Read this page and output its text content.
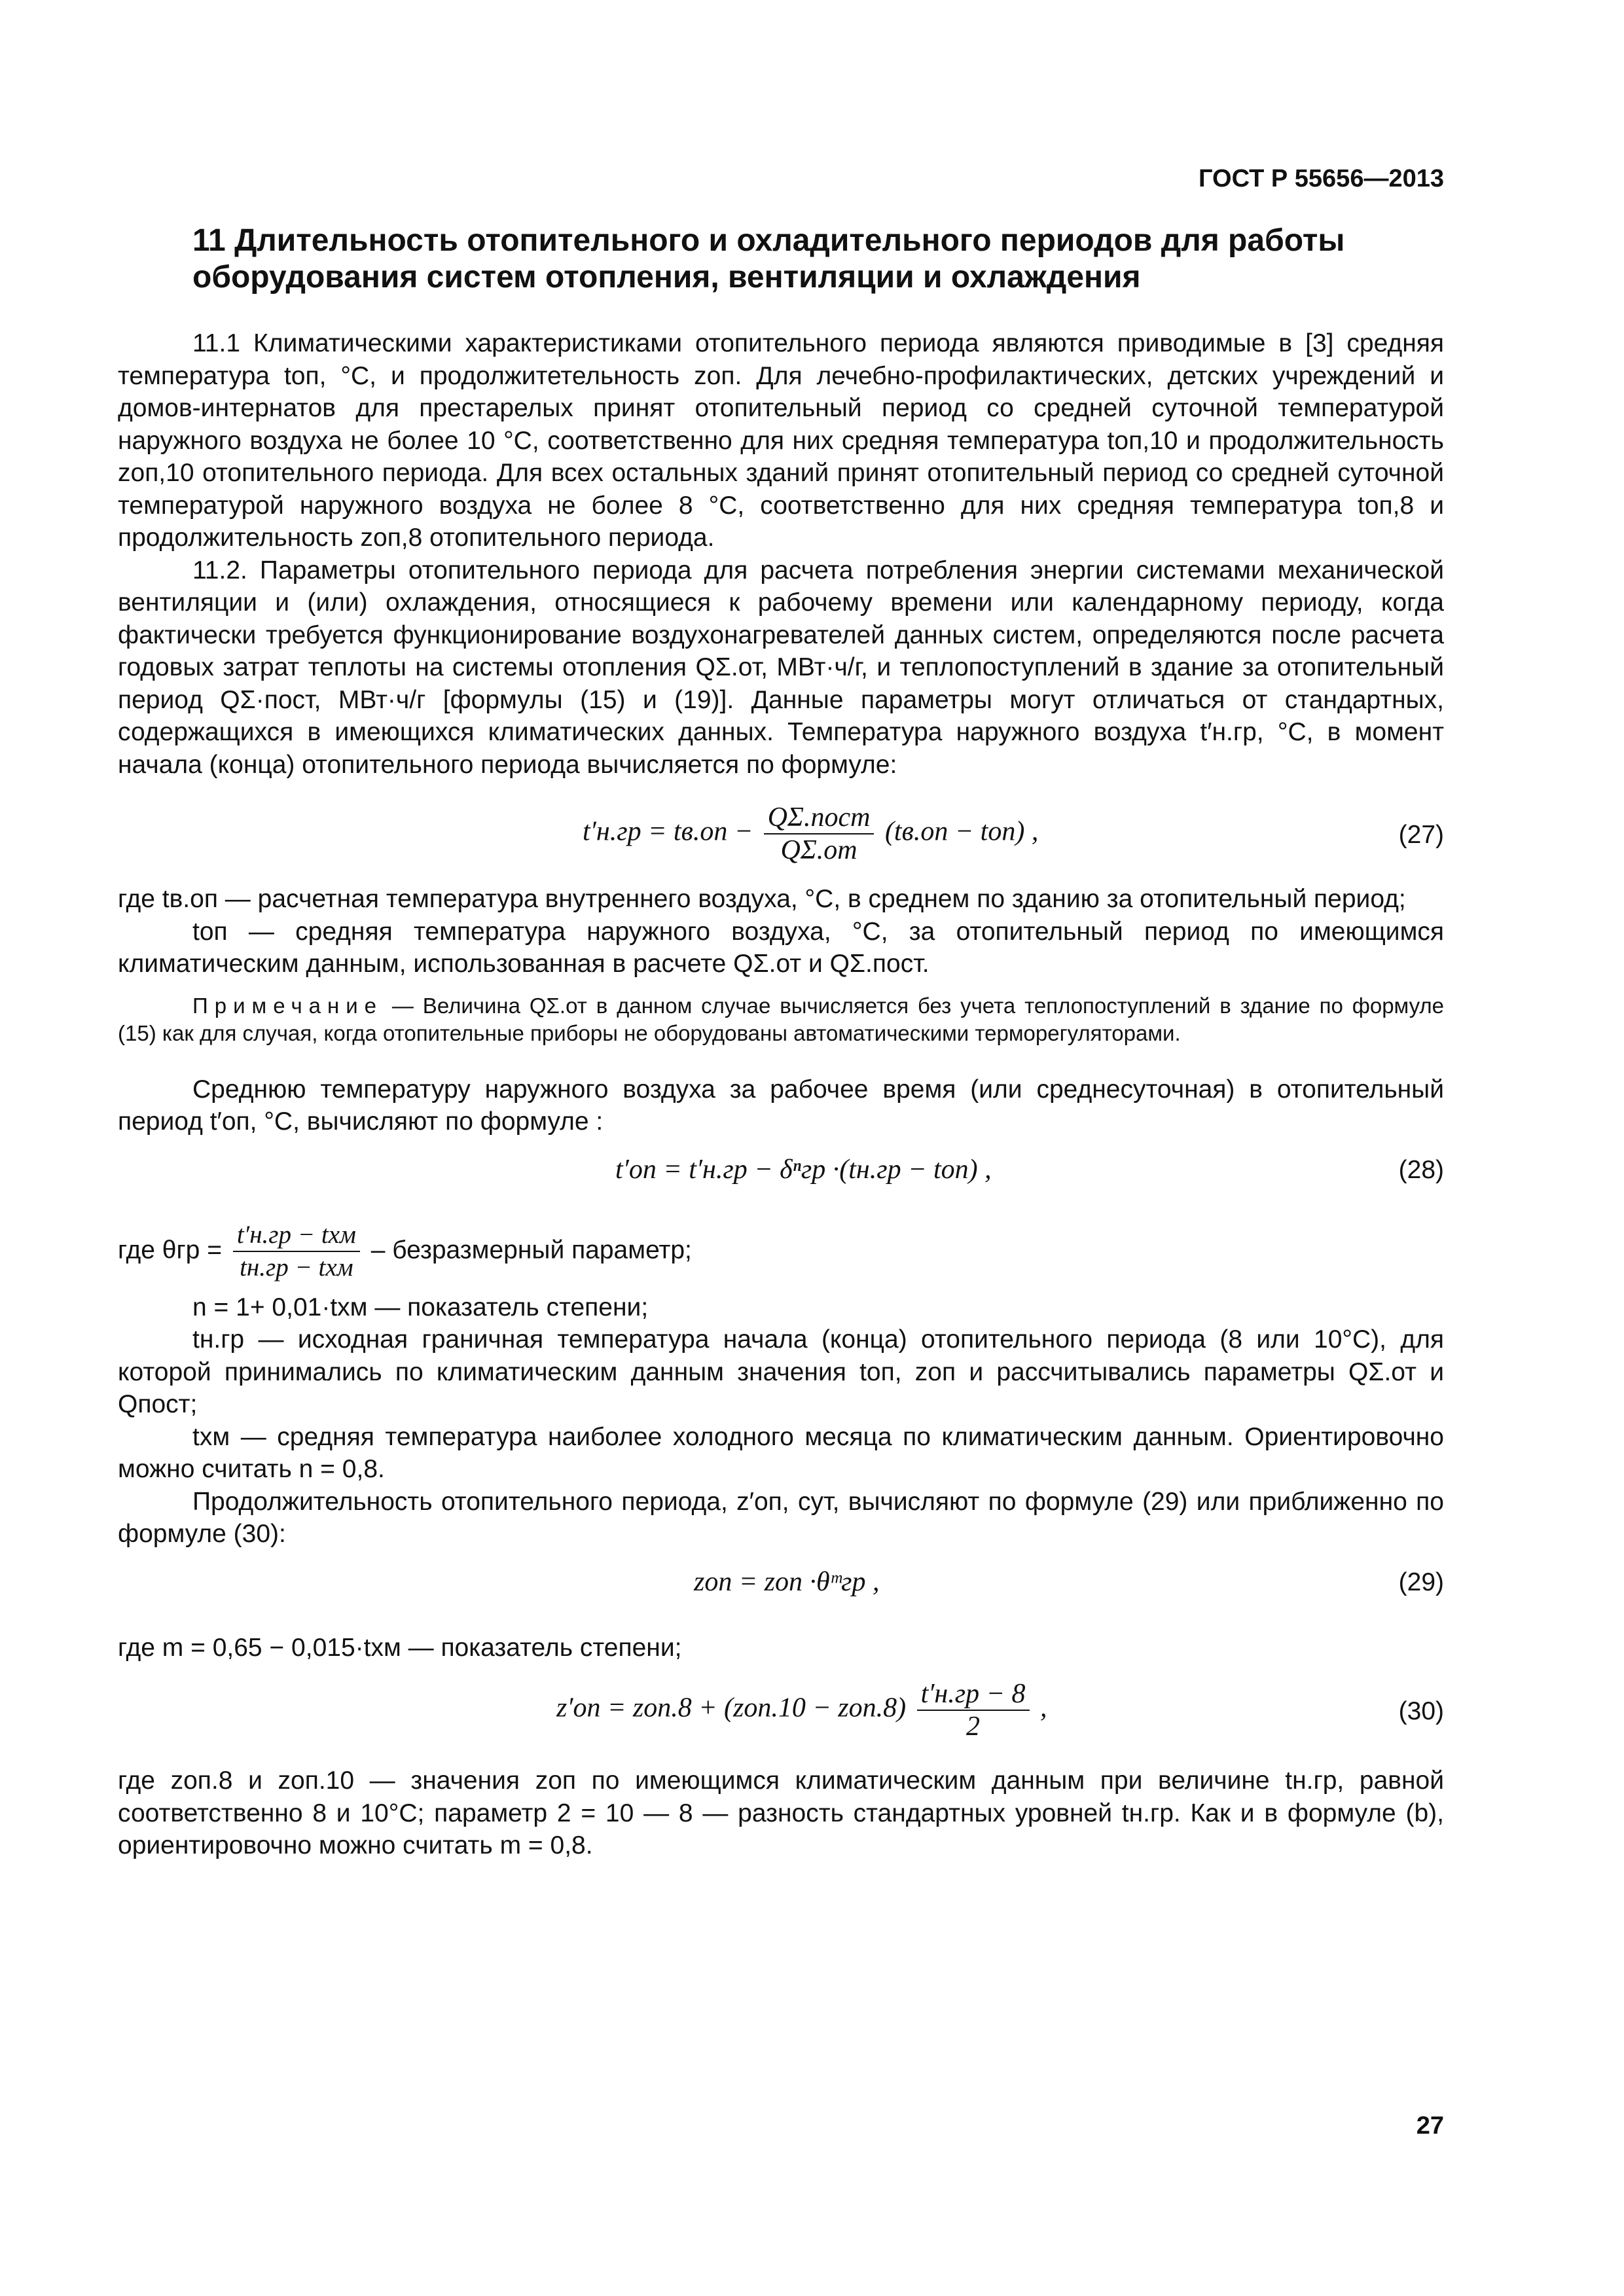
ГОСТ Р 55656—2013
11 Длительность отопительного и охладительного периодов для работы оборудования систем отопления, вентиляции и охлаждения

11.1 Климатическими характеристиками отопительного периода являются приводимые в [3] средняя температура tоп, °С, и продолжитетельность zоп. Для лечебно-профилактических, детских учреждений и домов-интернатов для престарелых принят отопительный период со средней суточной температурой наружного воздуха не более 10 °С, соответственно для них средняя температура tоп,10 и продолжительность zоп,10 отопительного периода. Для всех остальных зданий принят отопительный период со средней суточной температурой наружного воздуха не более 8 °С, соответственно для них средняя температура tоп,8 и продолжительность zоп,8 отопительного периода.

11.2. Параметры отопительного периода для расчета потребления энергии системами механической вентиляции и (или) охлаждения, относящиеся к рабочему времени или календарному периоду, когда фактически требуется функционирование воздухонагревателей данных систем, определяются после расчета годовых затрат теплоты на системы отопления QΣ.от, МВт·ч/г, и теплопоступлений в здание за отопительный период QΣ·пост, МВт·ч/г [формулы (15) и (19)]. Данные параметры могут отличаться от стандартных, содержащихся в имеющихся климатических данных. Температура наружного воздуха t′н.гр, °С, в момент начала (конца) отопительного периода вычисляется по формуле:

$t'н.гр = tв.оп - \frac{\text{QΣ.пост}}{Q\Sigma.от} (tв.оп - tоп)$ ,	(27)

где tв.оп — расчетная температура внутреннего воздуха, °С, в среднем по зданию за отопительный период;

tоп — средняя температура наружного воздуха, °С, за отопительный период по имеющимся климатическим данным, использованная в расчете QΣ.от и QΣ.пост.

Примечание — Величина QΣ.от в данном случае вычисляется без учета теплопоступлений в здание по формуле (15) как для случая, когда отопительные приборы не оборудованы автоматическими терморегуляторами.

Среднюю температуру наружного воздуха за рабочее время (или среднесуточная) в отопительный период t′оп, °С, вычисляют по формуле :

t′оп = t′н.гр − δⁿгр ·(tн.гр − tоп) ,	(28)
где $\theta гр = \frac{\text{t′н.гр − tхм}}{\text{tн.гр − tхм}}$ – безразмерный параметр;

n = 1+ 0,01·tхм — показатель степени;

tн.гр — исходная граничная температура начала (конца) отопительного периода (8 или 10°С), для которой принимались по климатическим данным значения tоп, zоп и рассчитывались параметры QΣ.от и Qпост;

tхм — средняя температура наиболее холодного месяца по климатическим данным. Ориентировочно можно считать n = 0,8.

Продолжительность отопительного периода, z′оп, сут, вычисляют по формуле (29) или приближенно по формуле (30):

zоп = zоп ·θᵐгр ,	(29)

где m = 0,65 − 0,015·tхм — показатель степени;

$z'оп = zоп.8 + (zоп.10 - zоп.8) \frac{t'н.гр - 8}{2}$ ,	(30)

где zоп.8 и zоп.10 — значения zоп по имеющимся климатическим данным при величине tн.гр, равной соответственно 8 и 10°С; параметр 2 = 10 — 8 — разность стандартных уровней tн.гр. Как и в формуле (b), ориентировочно можно считать m = 0,8.

27
